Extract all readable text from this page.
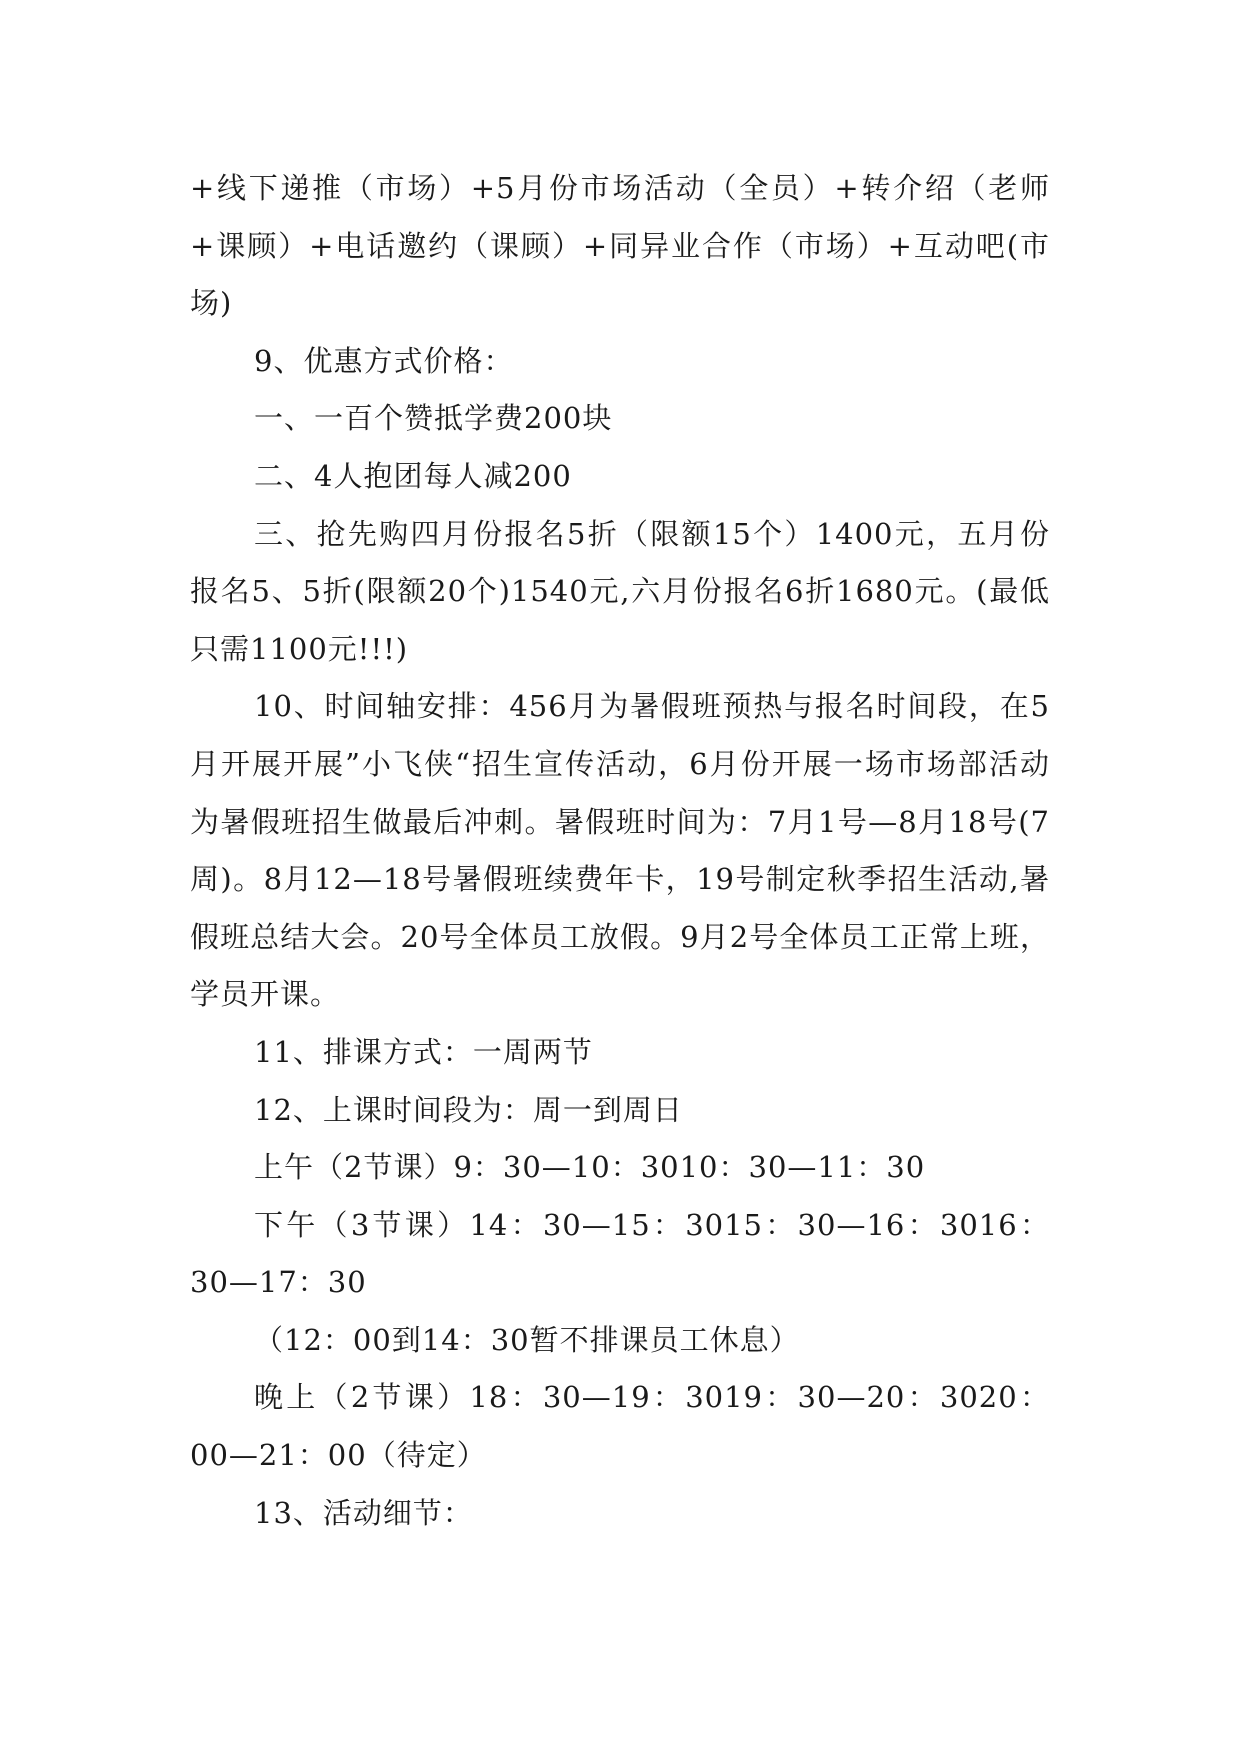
+线下递推（市场）+5月份市场活动（全员）+转介绍（老师+课顾）+电话邀约（课顾）+同异业合作（市场）+互动吧(市场)

9、优惠方式价格：

一、一百个赞抵学费200块

二、4人抱团每人减200

三、抢先购四月份报名5折（限额15个）1400元，五月份报名5、5折(限额20个)1540元,六月份报名6折1680元。(最低只需1100元!!!)

10、时间轴安排：456月为暑假班预热与报名时间段，在5月开展开展”小飞侠“招生宣传活动，6月份开展一场市场部活动为暑假班招生做最后冲刺。暑假班时间为：7月1号—8月18号(7周)。8月12—18号暑假班续费年卡，19号制定秋季招生活动,暑假班总结大会。20号全体员工放假。9月2号全体员工正常上班，学员开课。

11、排课方式：一周两节

12、上课时间段为：周一到周日

上午（2节课）9：30—10：3010：30—11：30

下午（3节课）14：30—15：3015：30—16：3016：30—17：30

（12：00到14：30暂不排课员工休息）

晚上（2节课）18：30—19：3019：30—20：3020：00—21：00（待定）

13、活动细节：
